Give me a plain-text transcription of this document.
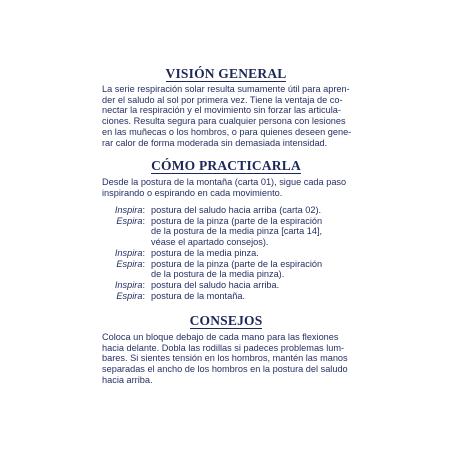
VISIÓN GENERAL
La serie respiración solar resulta sumamente útil para apren-
der el saludo al sol por primera vez. Tiene la ventaja de co-
nectar la respiración y el movimiento sin forzar las articula-
ciones. Resulta segura para cualquier persona con lesiones
en las muñecas o los hombros, o para quienes deseen gene-
rar calor de forma moderada sin demasiada intensidad.
CÓMO PRACTICARLA
Desde la postura de la montaña (carta 01), sigue cada paso
inspirando o espirando en cada movimiento.
Inspira : postura del saludo hacia arriba (carta 02).
Espira : postura de la pinza (parte de la espiración
de la postura de la media pinza [carta 14],
véase el apartado consejos).
Inspira : postura de la media pinza.
Espira : postura de la pinza (parte de la espiración
de la postura de la media pinza).
Inspira : postura del saludo hacia arriba.
Espira : postura de la montaña.
CONSEJOS
Coloca un bloque debajo de cada mano para las flexiones
hacia delante. Dobla las rodillas si padeces problemas lum-
bares. Si sientes tensión en los hombros, mantén las manos
separadas el ancho de los hombros en la postura del saludo
hacia arriba.
